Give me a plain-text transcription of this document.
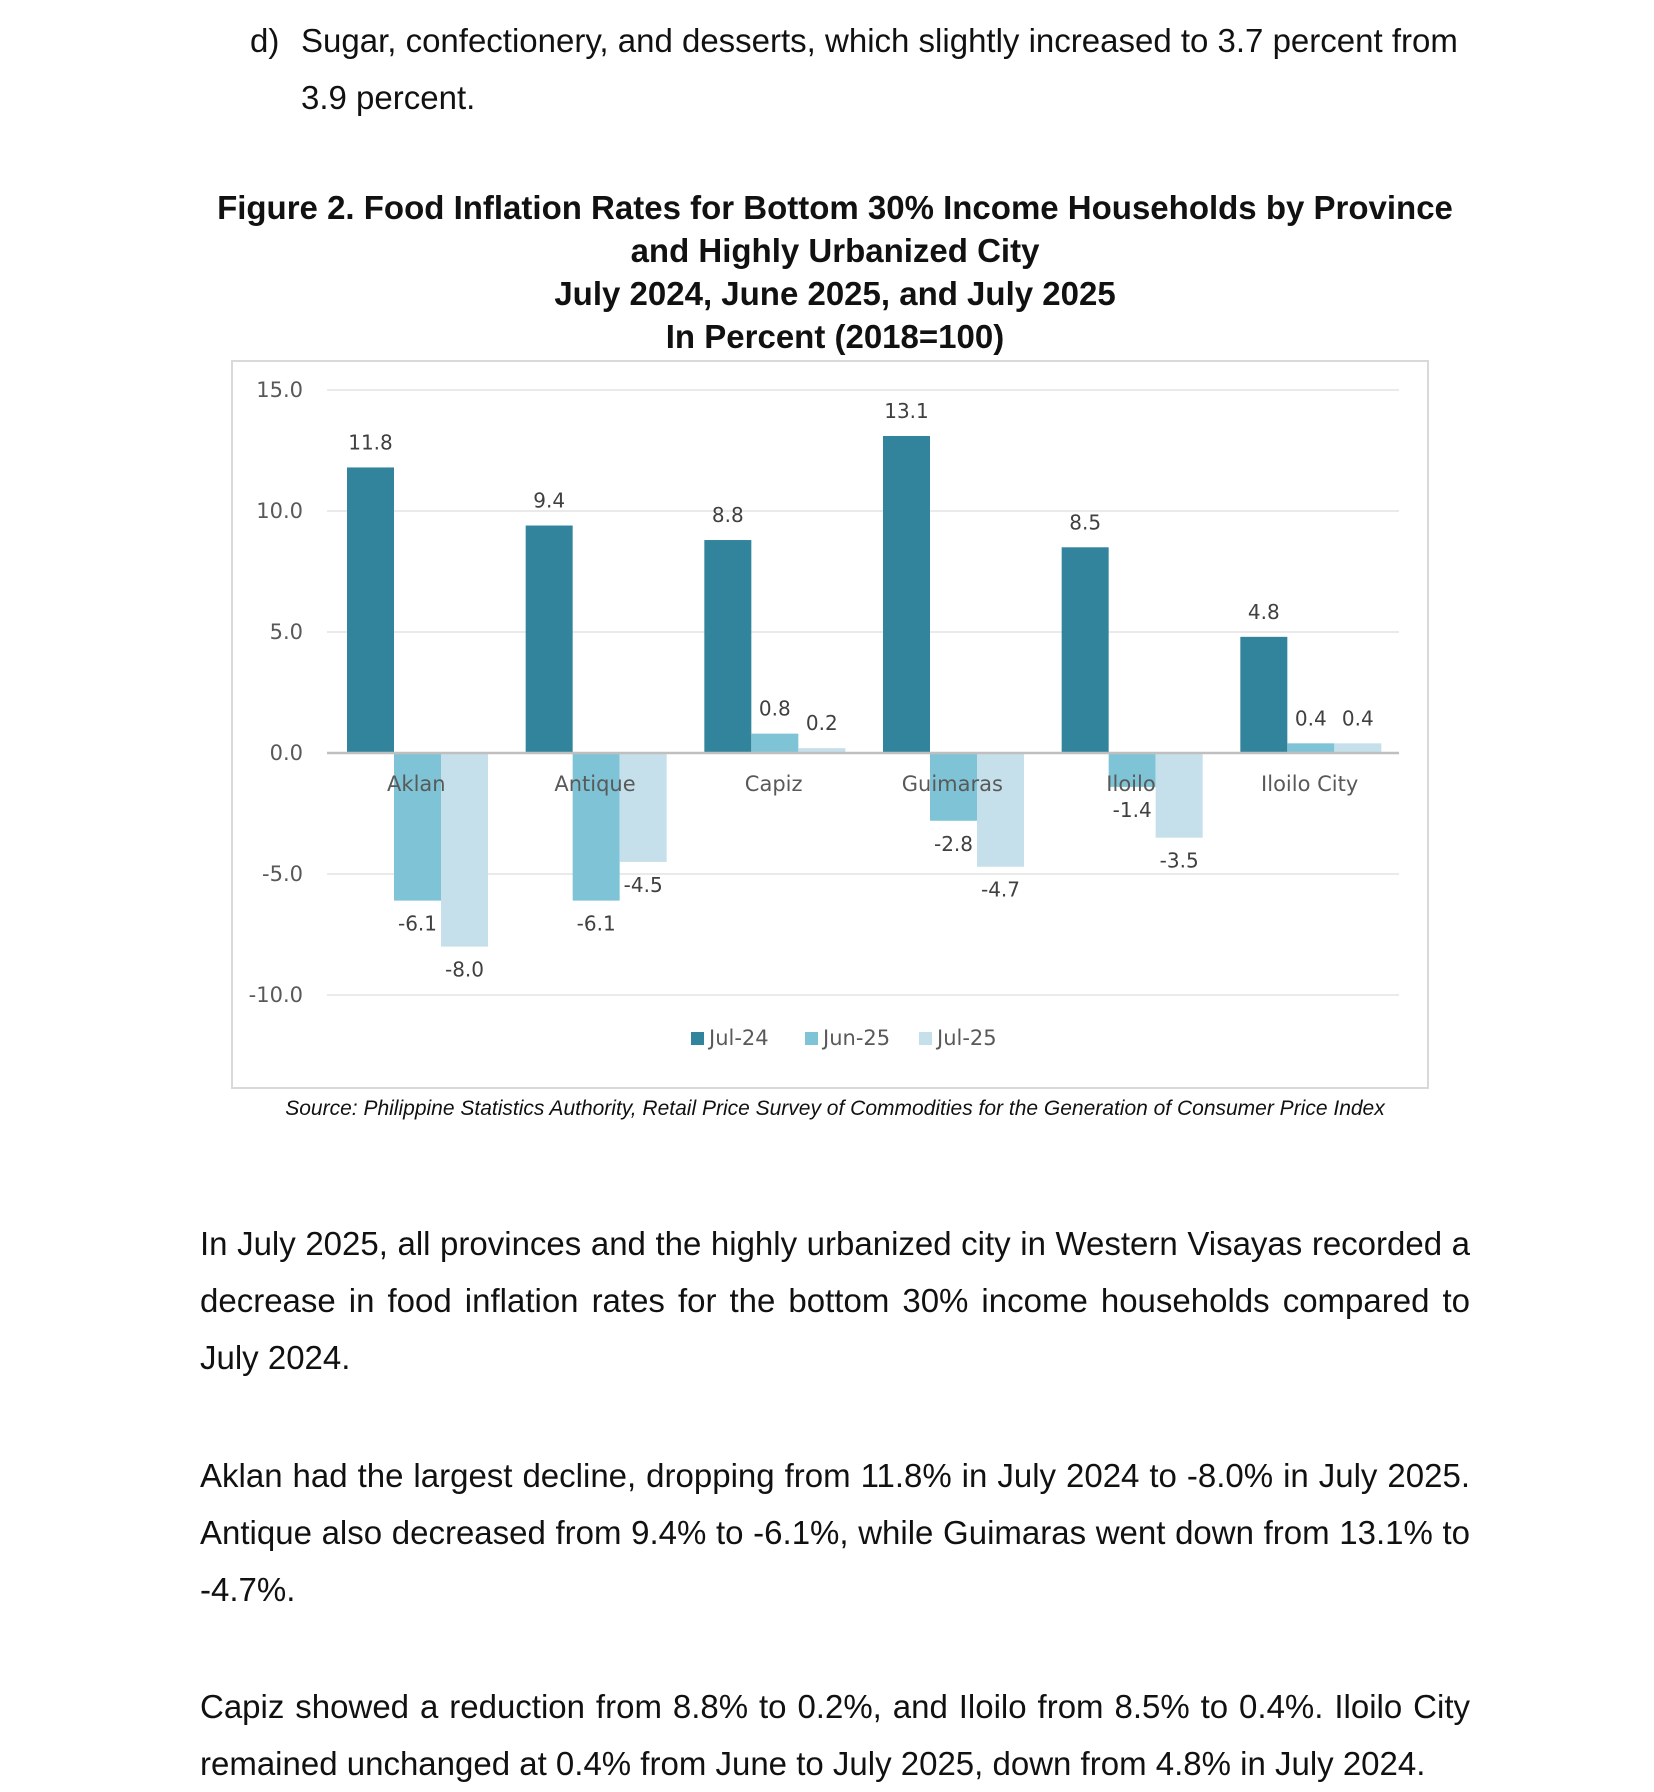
d) Sugar, confectionery, and desserts, which slightly increased to 3.7 percent from 3.9 percent.
Figure 2. Food Inflation Rates for Bottom 30% Income Households by Province
and Highly Urbanized City
July 2024, June 2025, and July 2025
In Percent (2018=100)
15.0
10.0
5.0
0.0
-5.0
-10.0
11.8
9.4
8.8
13.1
8.5
4.8
-6.1	-6.1
0.8
-2.8
-1.4
0.4
-8.0
-4.5
0.2
-4.7
-3.5
0.4
Aklan	Antique	Capiz	Guimaras	Iloilo	Iloilo City
Jul-24	Jun-25 Jul-25
Source: Philippine Statistics Authority, Retail Price Survey of Commodities for the Generation of Consumer Price Index

In July 2025, all provinces and the highly urbanized city in Western Visayas recorded a decrease in food inflation rates for the bottom 30% income households compared to July 2024.

Aklan had the largest decline, dropping from 11.8% in July 2024 to -8.0% in July 2025. Antique also decreased from 9.4% to -6.1%, while Guimaras went down from 13.1% to -4.7%.

Capiz showed a reduction from 8.8% to 0.2%, and Iloilo from 8.5% to 0.4%. Iloilo City remained unchanged at 0.4% from June to July 2025, down from 4.8% in July 2024.
